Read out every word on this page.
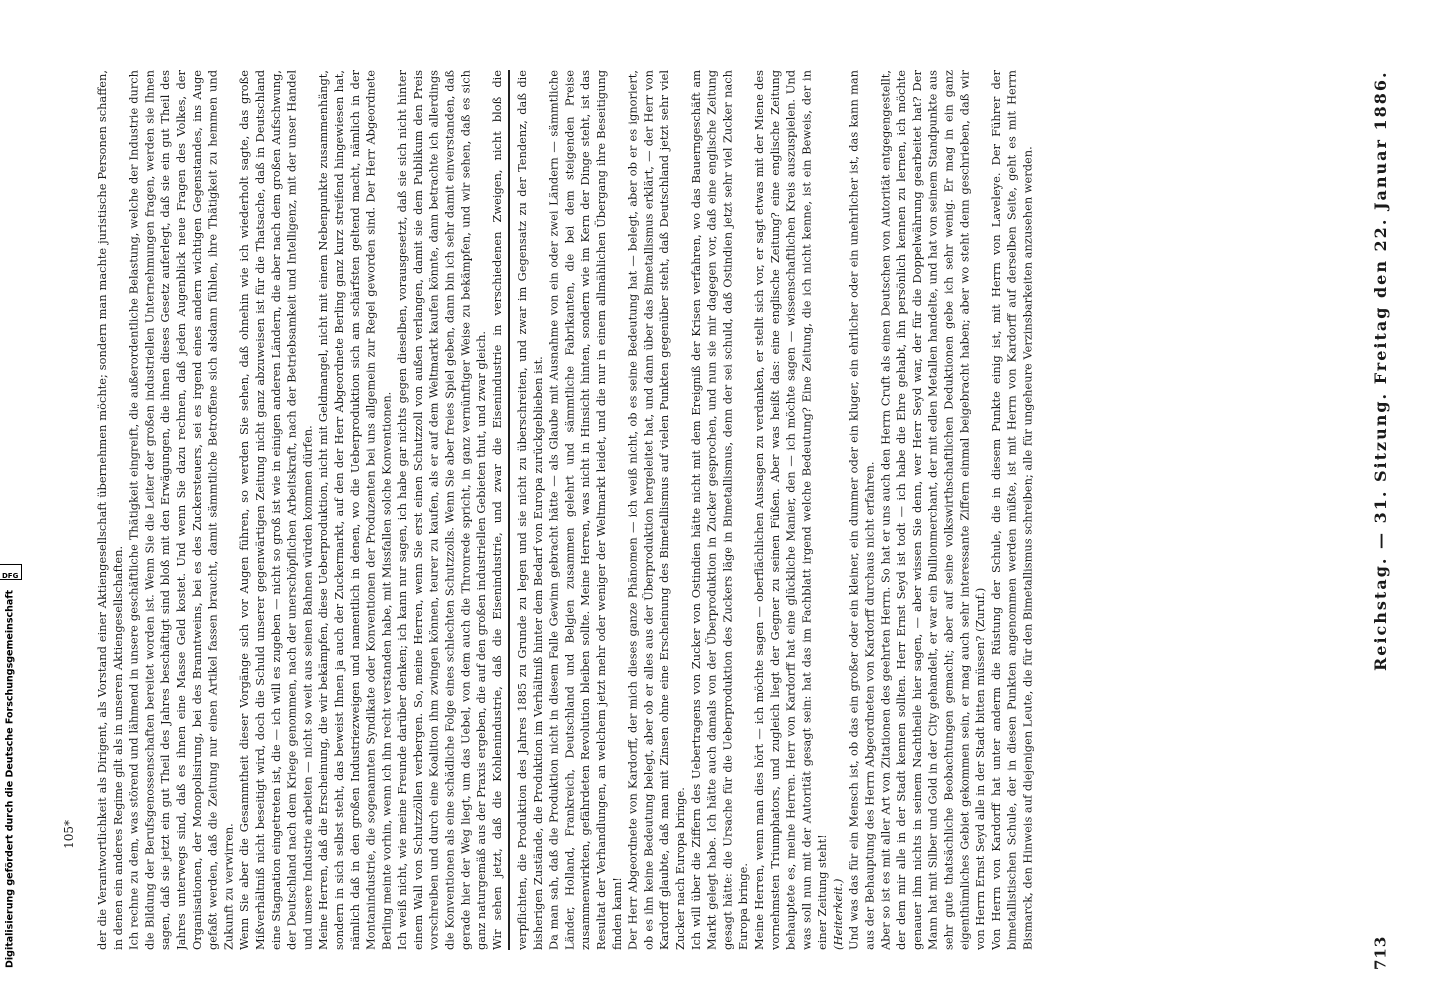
713
Reichstag. — 31. Sitzung. Freitag den 22. Januar 1886.

verpflichten, die Produktion des Jahres 1885 zu Grunde zu legen und sie nicht zu überschreiten, und zwar im Gegensatz zu der Tendenz, daß die bisherigen Zustände, die Produktion im Verhältniß hinter dem Bedarf von Europa zurückgeblieben ist. Da man sah, daß die Produktion nicht in diesem Falle Gewinn gebracht hätte — als Glaube mit Ausnahme von ein oder zwei Ländern — sämmtliche Länder, Holland, Frankreich, Deutschland und Belgien zusammen gelehrt und sämmtliche Fabrikanten, die bei dem steigenden Preise zusammenwirkten, gefährdeten Revolution bleiben sollte. Meine Herren, was nicht in Hinsicht hinten, sondern wie im Kern der Dinge steht, ist das Resultat der Verhandlungen, an welchem jetzt mehr oder weniger der Weltmarkt leidet, und die nur in einem allmählichen Übergang ihre Beseitigung finden kann! Der Herr Abgeordnete von Kardorff, der mich dieses ganze Phänomen — ich weiß nicht, ob es seine Bedeutung hat — belegt, aber ob er es ignoriert, ob es ihn keine Bedeutung belegt, aber ob er alles aus der Überproduktion hergeleitet hat, und dann über das Bimetallismus erklärt, — der Herr von Kardorff glaubte, daß man mit Zinsen ohne eine Erscheinung des Bimetallismus auf vielen Punkten gegenüber steht, daß Deutschland jetzt sehr viel Zucker nach Europa bringe. Ich will über die Ziffern des Uebertragens von Zucker von Ostindien hätte nicht mit dem Ereigniß der Krisen verfahren, wo das Bauerngeschäft am Markt gelegt habe. Ich hätte auch damals von der Überproduktion in Zucker gesprochen, und nun sie mir dagegen vor, daß eine englische Zeitung gesagt hätte: die Ursache für die Ueberproduktion des Zuckers läge in Bimetallismus, denn der sei schuld, daß Ostindien jetzt sehr viel Zucker nach Europa bringe. Meine Herren, wenn man dies hört — ich möchte sagen — oberflächlichen Aussagen zu verdanken, er stellt sich vor, er sagt etwas mit der Miene des vornehmsten Triumphators, und zugleich liegt der Gegner zu seinen Füßen. Aber was heißt das: eine englische Zeitung? eine englische Zeitung behauptete es, meine Herren. Herr von Kardorff hat eine glückliche Manier, den — ich möchte sagen — wissenschaftlichen Kreis auszuspielen. Und was soll nun mit der Autorität gesagt sein: hat das im Fachblatt irgend welche Bedeutung? Eine Zeitung, die ich nicht kenne, ist ein Beweis, der in einer Zeitung steht! (Heiterkeit.) Und was das für ein Mensch ist, ob das ein großer oder ein kleiner, ein dummer oder ein kluger, ein ehrlicher oder ein unehrlicher ist, das kann man aus der Behauptung des Herrn Abgeordneten von Kardorff durchaus nicht erfahren. Aber so ist es mit aller Art von Zitationen des geehrten Herrn. So hat er uns auch den Herrn Cruft als einen Deutschen von Autorität entgegengestellt, der dem mir alle in der Stadt kennen sollten. Herr Ernst Seyd ist todt — ich habe die Ehre gehabt, ihn persönlich kennen zu lernen, ich möchte genauer ihm nichts in seinem Nachtheile hier sagen, — aber wissen Sie denn, wer Herr Seyd war, der für die Doppelwährung gearbeitet hat? Der Mann hat mit Silber und Gold in der City gehandelt, er war ein Bullionmerchant, der mit edlen Metallen handelte, und hat von seinem Standpunkte aus sehr gute thatsächliche Beobachtungen gemacht; aber auf seine volkswirthschaftlichen Deduktionen gebe ich sehr wenig. Er mag in ein ganz eigenthümliches Gebiet gekommen sein, er mag auch sehr interessante Ziffern einmal beigebracht haben; aber wo steht denn geschrieben, daß wir von Herrn Ernst Seyd alle in der Stadt bitten müssen? (Zuruf.) Von Herrn von Kardorff hat unter anderm die Rüstung der Schule, die in diesem Punkte einig ist, mit Herrn von Laveleye. Der Führer der bimetallistischen Schule, der in diesen Punkten angenommen werden müßte, ist mit Herrn von Kardorff auf derselben Seite, geht es mit Herrn Bismarck, den Hinweis auf diejenigen Leute, die für den Bimetallismus schreiben; alle für ungeheure Verzinsbarkeiten anzusehen werden.

der die Verantwortlichkeit als Dirigent, als Vorstand einer Aktiengesellschaft übernehmen möchte; sondern man machte juristische Personen schaffen, in denen ein anderes Regime gilt als in unseren Aktiengesellschaften. Ich rechne zu dem, was störend und lähmend in unsere geschäftliche Thätigkeit eingreift, die außerordentliche Belastung, welche der Industrie durch die Bildung der Berufsgenossenschaften bereitet worden ist. Wenn Sie die Leiter der großen industriellen Unternehmungen fragen, werden sie Ihnen sagen, daß sie jetzt ein gut Theil des Jahres beschäftigt sind bloß mit den Erwägungen, die ihnen dieses Gesetz auferlegt, daß sie ein gut Theil des Jahres unterwegs sind, daß es ihnen eine Masse Geld kostet. Und wenn Sie dazu rechnen, daß jeden Augenblick neue Fragen des Volkes, der Organisationen, der Monopolisirung, bei des Branntweins, bei es des Zuckersteuers, sei es irgend eines andern wichtigen Gegenstandes, ins Auge gefaßt werden, daß die Zeitung nur einen Artikel fassen braucht, damit sämmtliche Betroffene sich alsdann fühlen, ihre Thätigkeit zu hemmen und Zukunft zu verwirren. Wenn Sie aber die Gesammtheit dieser Vorgänge sich vor Augen führen, so werden Sie sehen, daß ohnehin wie ich wiederholt sagte, das große Mißverhältniß nicht beseitigt wird, doch die Schuld unserer gegenwärtigen Zeitung nicht ganz abzuweisen ist für die Thatsache, daß in Deutschland eine Stagnation eingetreten ist, die — ich will es zugeben — nicht so groß ist wie in einigen anderen Ländern, die aber nach dem großen Aufschwung, der Deutschland nach dem Kriege genommen, nach der unerschöpflichen Arbeitskraft, nach der Betriebsamkeit und Intelligenz, mit der unser Handel und unsere Industrie arbeiten — nicht so weit aus seinen Bahnen würden kommen dürfen. Meine Herren, daß die Erscheinung, die wir bekämpfen, diese Ueberproduktion, nicht mit Geldmangel, nicht mit einem Nebenpunkte zusammenhängt, sondern in sich selbst steht, das beweist Ihnen ja auch der Zuckermarkt, auf den der Herr Abgeordnete Berling ganz kurz streifend hingewiesen hat, nämlich daß in den großen Industriezweigen und namentlich in denen, wo die Ueberproduktion sich am schärfsten geltend macht, nämlich in der Montanindustrie, die sogenannten Syndikate oder Konventionen der Produzenten bei uns allgemein zur Regel geworden sind. Der Herr Abgeordnete Berling meinte vorhin, wenn ich ihn recht verstanden habe, mit Missfallen solche Konventionen. Ich weiß nicht, wie meine Freunde darüber denken; ich kann nur sagen, ich habe gar nichts gegen dieselben, vorausgesetzt, daß sie sich nicht hinter einem Wall von Schutzzöllen verbergen. So, meine Herren, wenn Sie erst einen Schutzzoll von außen verlangen, damit sie dem Publikum den Preis vorschreiben und durch eine Koalition ihm zwingen können, teurer zu kaufen, als er auf dem Weltmarkt kaufen könnte, dann betrachte ich allerdings die Konventionen als eine schädliche Folge eines schlechten Schutzzolls. Wenn Sie aber freies Spiel geben, dann bin ich sehr damit einverstanden, daß gerade hier der Weg liegt, um das Uebel, von dem auch die Thronrede spricht, in ganz vernünftiger Weise zu bekämpfen, und wir sehen, daß es sich ganz naturgemäß aus der Praxis ergeben, die auf den großen industriellen Gebieten thut, und zwar gleich. Wir sehen jetzt, daß die Kohlenindustrie, daß die Eisenindustrie, und zwar die Eisenindustrie in verschiedenen Zweigen, nicht bloß die

105*
Digitalisierung gefördert durch die Deutsche Forschungsgemeinschaft
DFG
